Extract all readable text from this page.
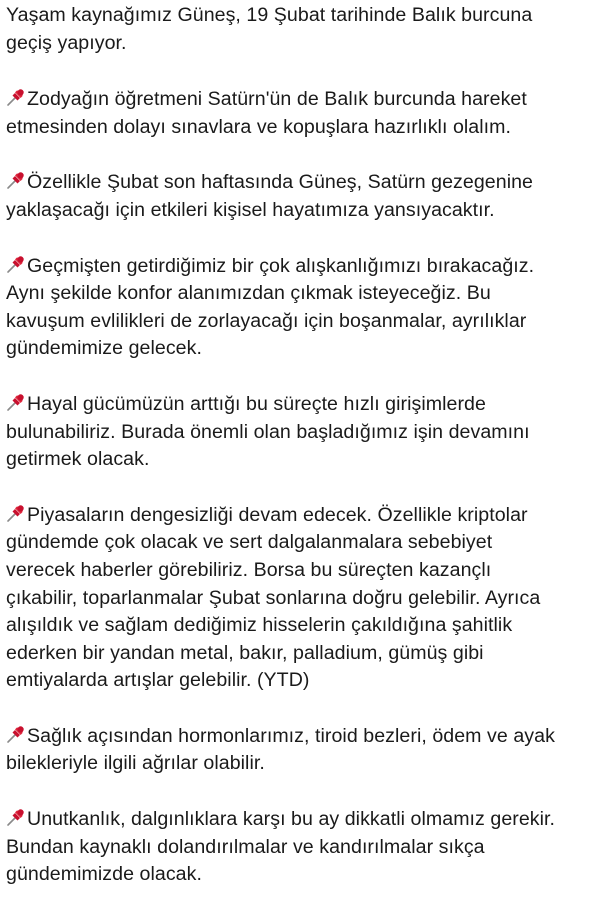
Yaşam kaynağımız Güneş, 19 Şubat tarihinde Balık burcuna
geçiş yapıyor.

Zodyağın öğretmeni Satürn'ün de Balık burcunda hareket
etmesinden dolayı sınavlara ve kopuşlara hazırlıklı olalım.

Özellikle Şubat son haftasında Güneş, Satürn gezegenine
yaklaşacağı için etkileri kişisel hayatımıza yansıyacaktır.

Geçmişten getirdiğimiz bir çok alışkanlığımızı bırakacağız.
Aynı şekilde konfor alanımızdan çıkmak isteyeceğiz. Bu
kavuşum evlilikleri de zorlayacağı için boşanmalar, ayrılıklar
gündemimize gelecek.

Hayal gücümüzün arttığı bu süreçte hızlı girişimlerde
bulunabiliriz. Burada önemli olan başladığımız işin devamını
getirmek olacak.

Piyasaların dengesizliği devam edecek. Özellikle kriptolar
gündemde çok olacak ve sert dalgalanmalara sebebiyet
verecek haberler görebiliriz. Borsa bu süreçten kazançlı
çıkabilir, toparlanmalar Şubat sonlarına doğru gelebilir. Ayrıca
alışıldık ve sağlam dediğimiz hisselerin çakıldığına şahitlik
ederken bir yandan metal, bakır, palladium, gümüş gibi
emtiyalarda artışlar gelebilir. (YTD)

Sağlık açısından hormonlarımız, tiroid bezleri, ödem ve ayak
bilekleriyle ilgili ağrılar olabilir.

Unutkanlık, dalgınlıklara karşı bu ay dikkatli olmamız gerekir.
Bundan kaynaklı dolandırılmalar ve kandırılmalar sıkça
gündemimizde olacak.
